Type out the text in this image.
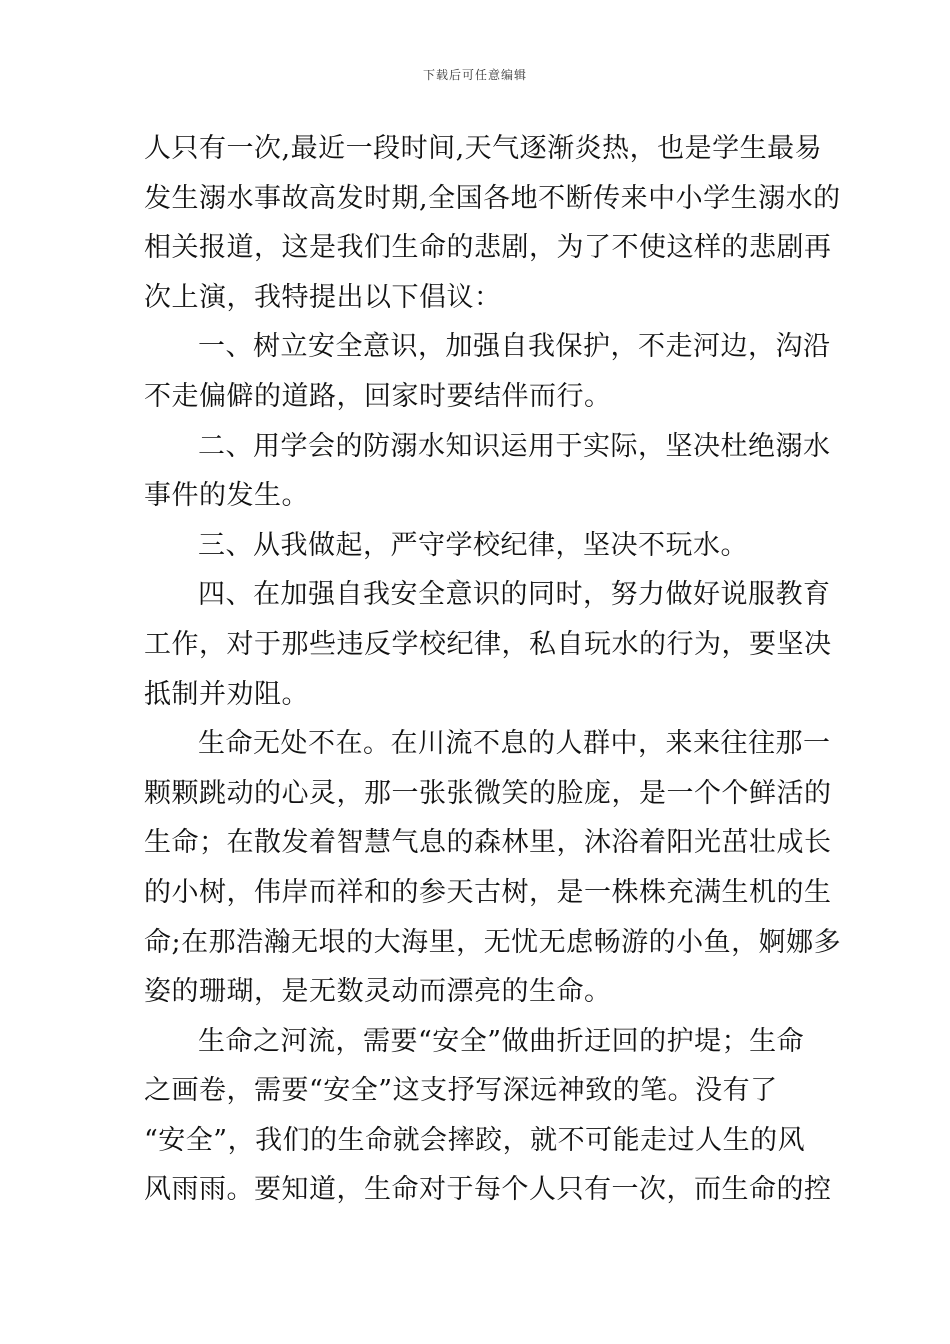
下载后可任意编辑
人只有一次,最近一段时间,天气逐渐炎热，也是学生最易
发生溺水事故高发时期,全国各地不断传来中小学生溺水的
相关报道，这是我们生命的悲剧，为了不使这样的悲剧再
次上演，我特提出以下倡议：
一、树立安全意识，加强自我保护，不走河边，沟沿
不走偏僻的道路，回家时要结伴而行。
二、用学会的防溺水知识运用于实际，坚决杜绝溺水
事件的发生。
三、从我做起，严守学校纪律，坚决不玩水。
四、在加强自我安全意识的同时，努力做好说服教育
工作，对于那些违反学校纪律，私自玩水的行为，要坚决
抵制并劝阻。
生命无处不在。在川流不息的人群中，来来往往那一
颗颗跳动的心灵，那一张张微笑的脸庞，是一个个鲜活的
生命；在散发着智慧气息的森林里，沐浴着阳光茁壮成长
的小树，伟岸而祥和的参天古树，是一株株充满生机的生
命;在那浩瀚无垠的大海里，无忧无虑畅游的小鱼，婀娜多
姿的珊瑚，是无数灵动而漂亮的生命。
生命之河流，需要“安全”做曲折迂回的护堤；生命
之画卷，需要“安全”这支抒写深远神致的笔。没有了
“安全”，我们的生命就会摔跤，就不可能走过人生的风
风雨雨。要知道，生命对于每个人只有一次，而生命的控
